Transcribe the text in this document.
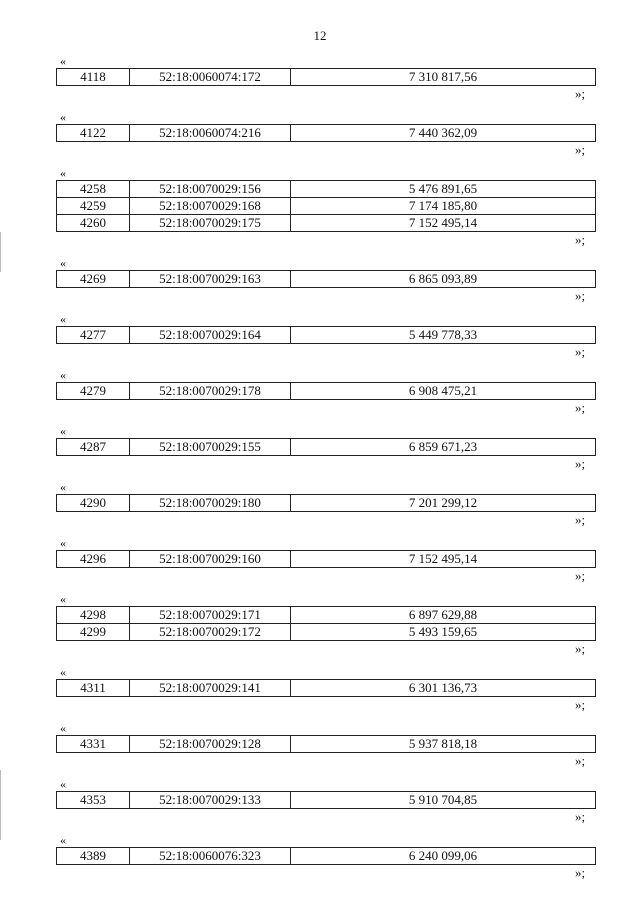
12
«
4118	52:18:0060074:172	7 310 817,56
»;
«
4122	52:18:0060074:216	7 440 362,09
»;
«
4258	52:18:0070029:156	5 476 891,65
4259	52:18:0070029:168	7 174 185,80
4260	52:18:0070029:175	7 152 495,14
»;
«
4269	52:18:0070029:163	6 865 093,89
»;
«
4277	52:18:0070029:164	5 449 778,33
»;
«
4279	52:18:0070029:178	6 908 475,21
»;
«
4287	52:18:0070029:155	6 859 671,23
»;
«
4290	52:18:0070029:180	7 201 299,12
»;
«
4296	52:18:0070029:160	7 152 495,14
»;
«
4298	52:18:0070029:171	6 897 629,88
4299	52:18:0070029:172	5 493 159,65
»;
«
4311	52:18:0070029:141	6 301 136,73
»;
«
4331	52:18:0070029:128	5 937 818,18
»;
«
4353	52:18:0070029:133	5 910 704,85
»;
«
4389	52:18:0060076:323	6 240 099,06
»;
